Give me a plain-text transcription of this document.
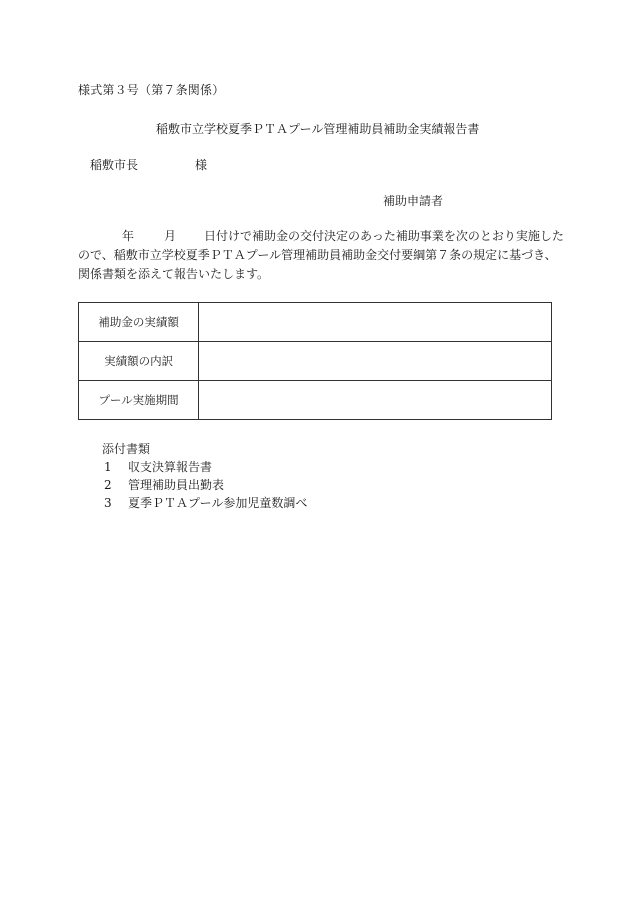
様式第３号（第７条関係）
稲敷市立学校夏季ＰＴＡプール管理補助員補助金実績報告書
稲敷市長	様
補助申請者
年	月 日付けで補助金の交付決定のあった補助事業を次のとおり実施した
ので、稲敷市立学校夏季ＰＴＡプール管理補助員補助金交付要綱第７条の規定に基づき、
関係書類を添えて報告いたします。
補助金の実績額	
実績額の内訳	
プール実施期間	
添付書類
1	収支決算報告書
2	管理補助員出勤表
3	夏季ＰＴＡプール参加児童数調べ
